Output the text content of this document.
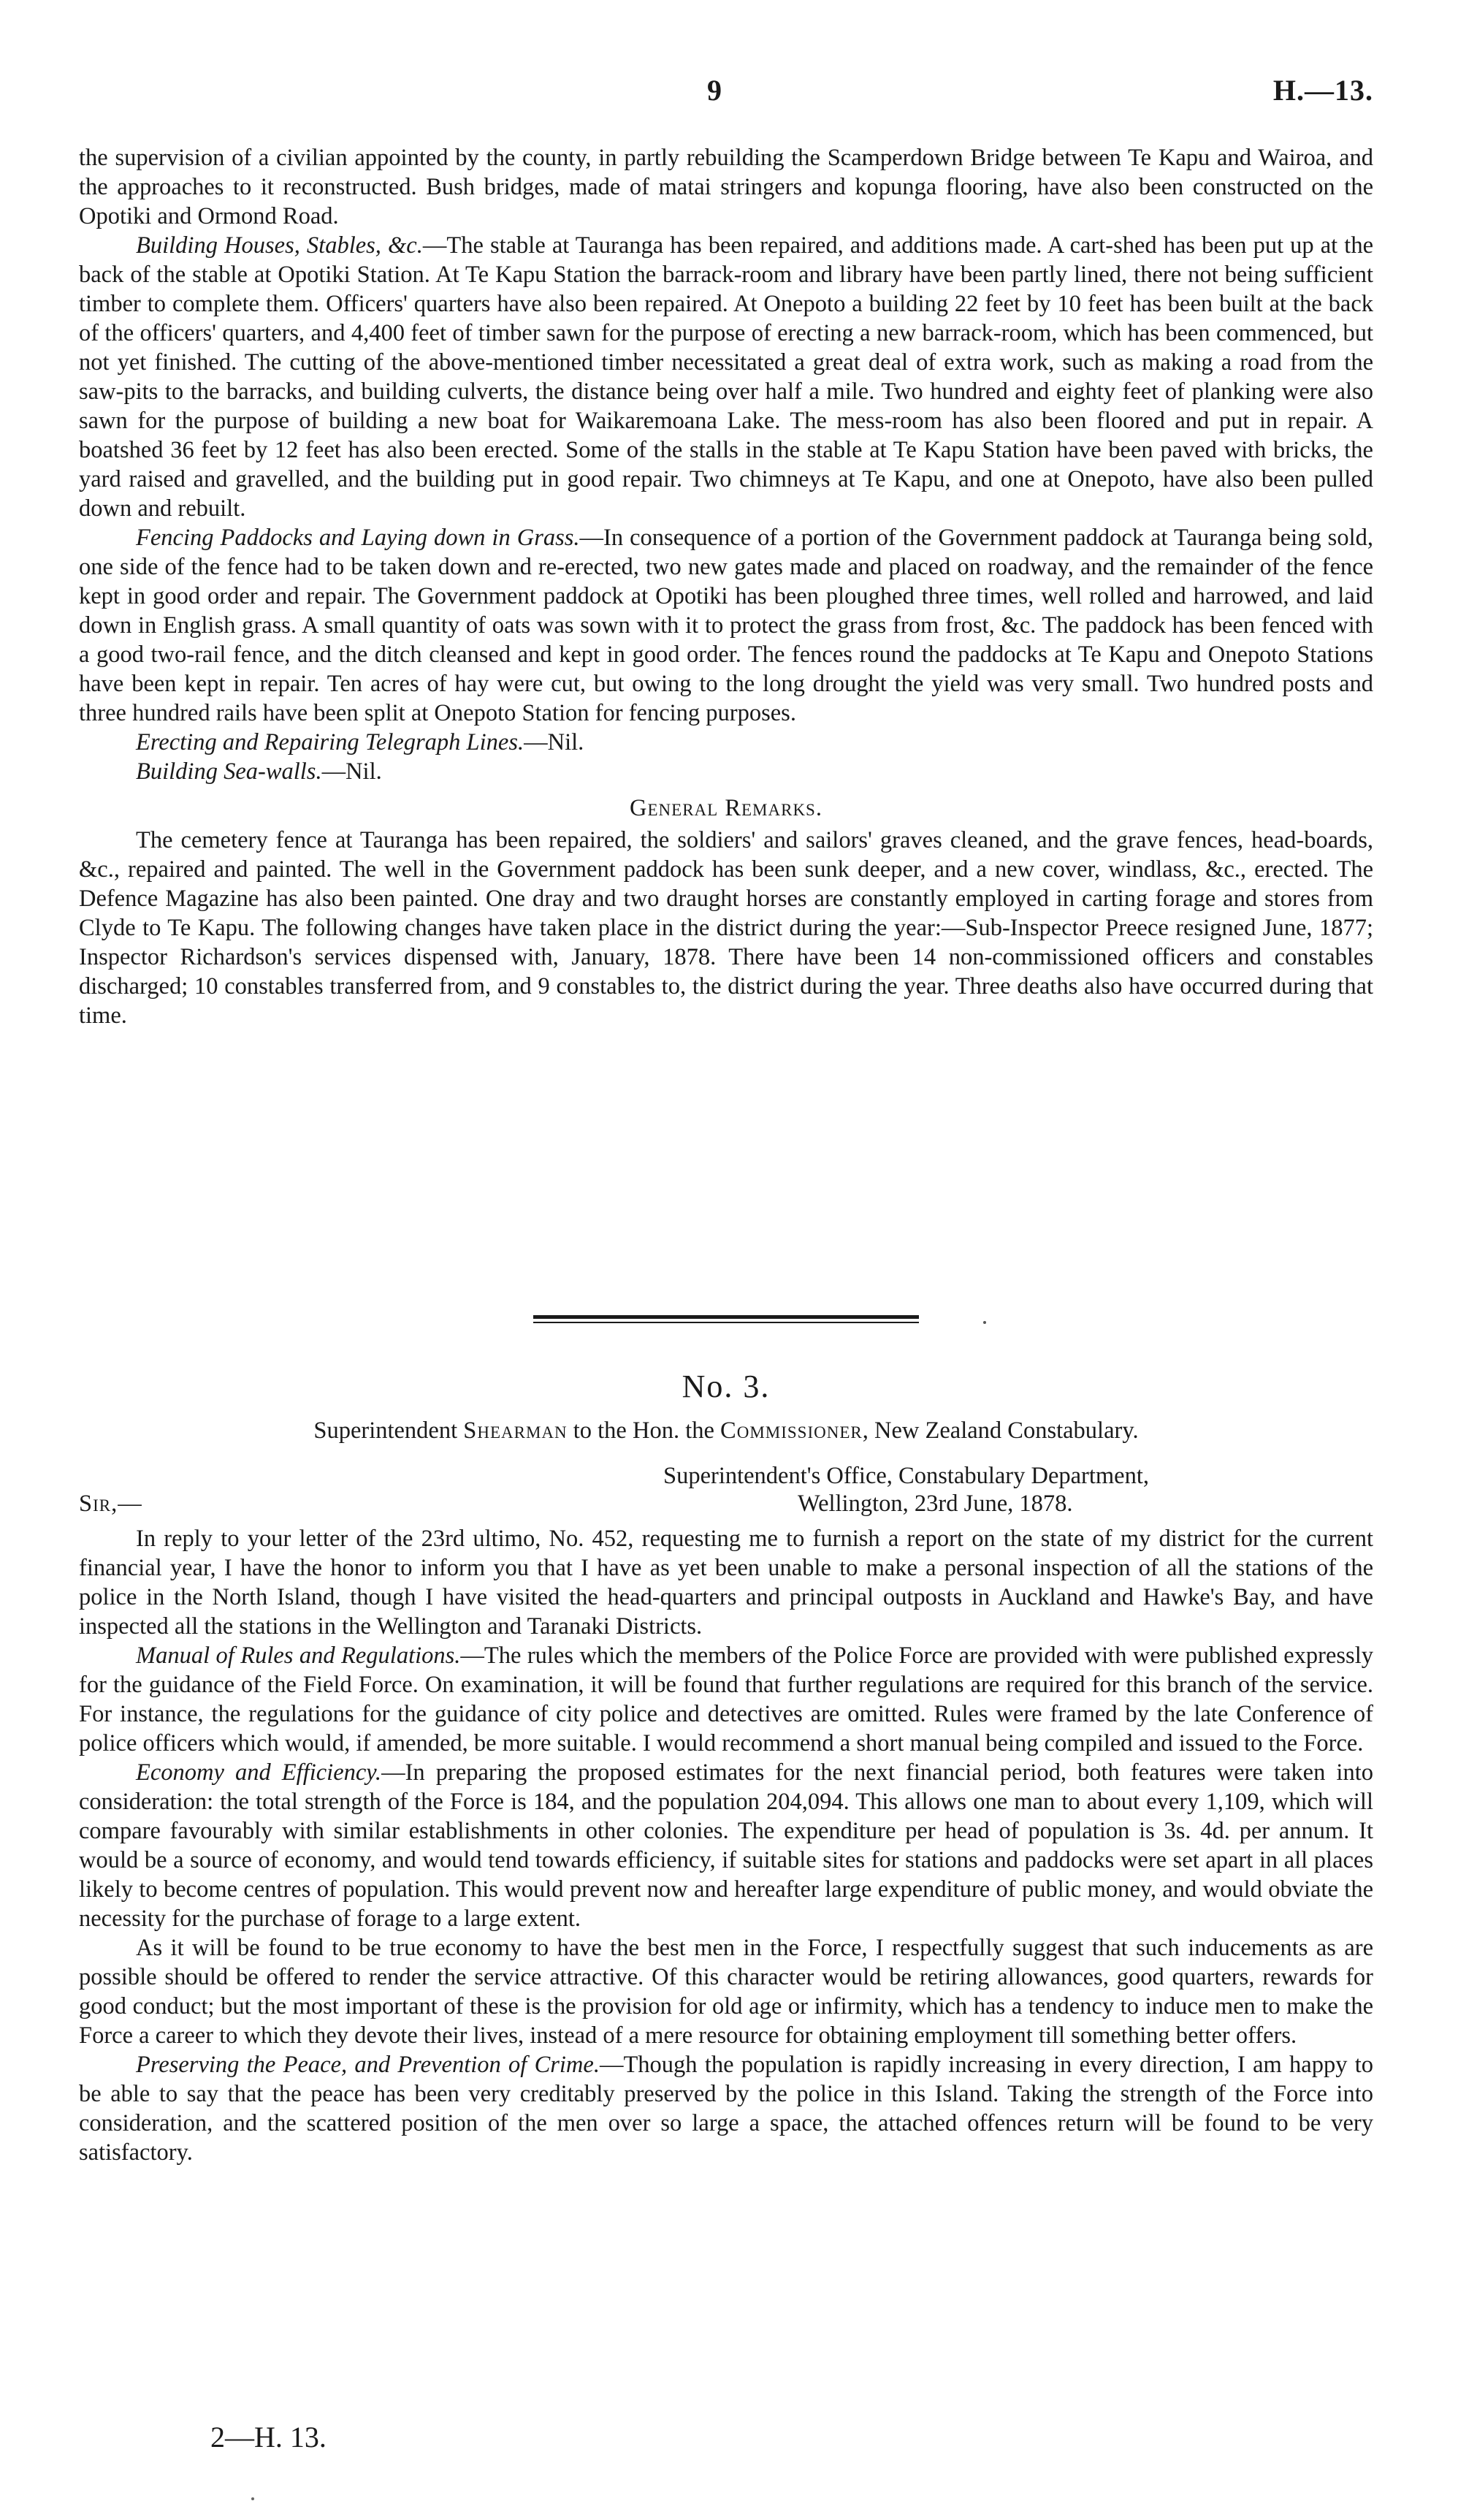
9	H.—13.

the supervision of a civilian appointed by the county, in partly rebuilding the Scamperdown Bridge between Te Kapu and Wairoa, and the approaches to it reconstructed. Bush bridges, made of matai stringers and kopunga flooring, have also been constructed on the Opotiki and Ormond Road.

Building Houses, Stables, &c.—The stable at Tauranga has been repaired, and additions made. A cart-shed has been put up at the back of the stable at Opotiki Station. At Te Kapu Station the barrack-room and library have been partly lined, there not being sufficient timber to complete them. Officers' quarters have also been repaired. At Onepoto a building 22 feet by 10 feet has been built at the back of the officers' quarters, and 4,400 feet of timber sawn for the purpose of erecting a new barrack-room, which has been commenced, but not yet finished. The cutting of the above-mentioned timber necessitated a great deal of extra work, such as making a road from the saw-pits to the barracks, and building culverts, the distance being over half a mile. Two hundred and eighty feet of planking were also sawn for the purpose of building a new boat for Waikaremoana Lake. The mess-room has also been floored and put in repair. A boatshed 36 feet by 12 feet has also been erected. Some of the stalls in the stable at Te Kapu Station have been paved with bricks, the yard raised and gravelled, and the building put in good repair. Two chimneys at Te Kapu, and one at Onepoto, have also been pulled down and rebuilt.

Fencing Paddocks and Laying down in Grass.—In consequence of a portion of the Government paddock at Tauranga being sold, one side of the fence had to be taken down and re-erected, two new gates made and placed on roadway, and the remainder of the fence kept in good order and repair. The Government paddock at Opotiki has been ploughed three times, well rolled and harrowed, and laid down in English grass. A small quantity of oats was sown with it to protect the grass from frost, &c. The paddock has been fenced with a good two-rail fence, and the ditch cleansed and kept in good order. The fences round the paddocks at Te Kapu and Onepoto Stations have been kept in repair. Ten acres of hay were cut, but owing to the long drought the yield was very small. Two hundred posts and three hundred rails have been split at Onepoto Station for fencing purposes.

Erecting and Repairing Telegraph Lines.—Nil.

Building Sea-walls.—Nil.

General Remarks.

The cemetery fence at Tauranga has been repaired, the soldiers' and sailors' graves cleaned, and the grave fences, head-boards, &c., repaired and painted. The well in the Government paddock has been sunk deeper, and a new cover, windlass, &c., erected. The Defence Magazine has also been painted. One dray and two draught horses are constantly employed in carting forage and stores from Clyde to Te Kapu. The following changes have taken place in the district during the year:—Sub-Inspector Preece resigned June, 1877; Inspector Richardson's services dispensed with, January, 1878. There have been 14 non-commissioned officers and constables discharged; 10 constables transferred from, and 9 constables to, the district during the year. Three deaths also have occurred during that time.

No. 3.
Superintendent Shearman to the Hon. the Commissioner, New Zealand Constabulary.
Superintendent's Office, Constabulary Department,
Sir,—	Wellington, 23rd June, 1878.

In reply to your letter of the 23rd ultimo, No. 452, requesting me to furnish a report on the state of my district for the current financial year, I have the honor to inform you that I have as yet been unable to make a personal inspection of all the stations of the police in the North Island, though I have visited the head-quarters and principal outposts in Auckland and Hawke's Bay, and have inspected all the stations in the Wellington and Taranaki Districts.

Manual of Rules and Regulations.—The rules which the members of the Police Force are provided with were published expressly for the guidance of the Field Force. On examination, it will be found that further regulations are required for this branch of the service. For instance, the regulations for the guidance of city police and detectives are omitted. Rules were framed by the late Conference of police officers which would, if amended, be more suitable. I would recommend a short manual being compiled and issued to the Force.

Economy and Efficiency.—In preparing the proposed estimates for the next financial period, both features were taken into consideration: the total strength of the Force is 184, and the population 204,094. This allows one man to about every 1,109, which will compare favourably with similar establishments in other colonies. The expenditure per head of population is 3s. 4d. per annum. It would be a source of economy, and would tend towards efficiency, if suitable sites for stations and paddocks were set apart in all places likely to become centres of population. This would prevent now and hereafter large expenditure of public money, and would obviate the necessity for the purchase of forage to a large extent.

As it will be found to be true economy to have the best men in the Force, I respectfully suggest that such inducements as are possible should be offered to render the service attractive. Of this character would be retiring allowances, good quarters, rewards for good conduct; but the most important of these is the provision for old age or infirmity, which has a tendency to induce men to make the Force a career to which they devote their lives, instead of a mere resource for obtaining employment till something better offers.

Preserving the Peace, and Prevention of Crime.—Though the population is rapidly increasing in every direction, I am happy to be able to say that the peace has been very creditably preserved by the police in this Island. Taking the strength of the Force into consideration, and the scattered position of the men over so large a space, the attached offences return will be found to be very satisfactory.

2—H. 13.
